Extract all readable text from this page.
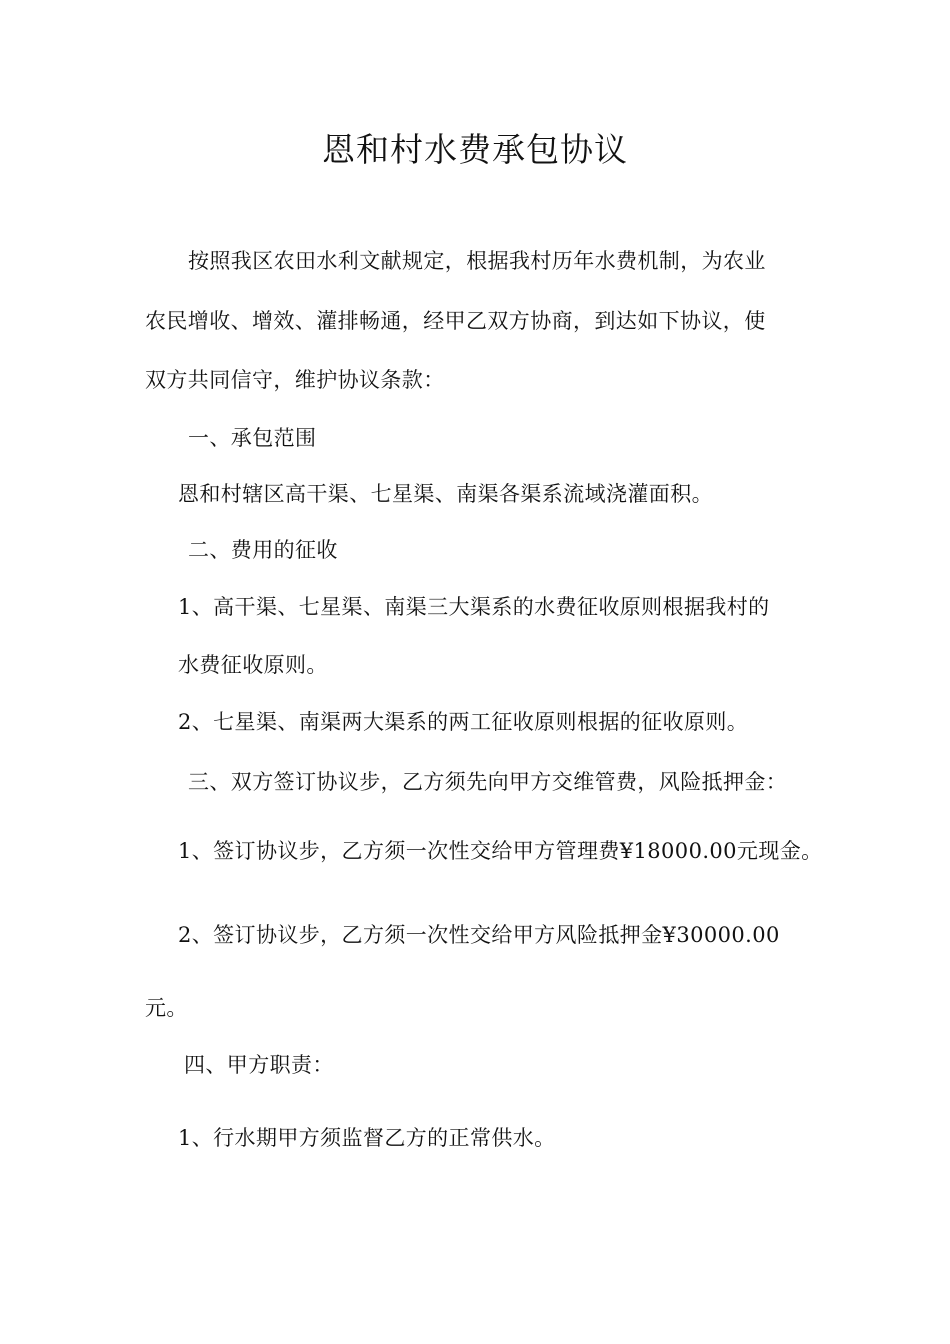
恩和村水费承包协议
按照我区农田水利文献规定，根据我村历年水费机制，为农业
农民增收、增效、灌排畅通，经甲乙双方协商，到达如下协议，使
双方共同信守，维护协议条款：
一、承包范围
恩和村辖区高干渠、七星渠、南渠各渠系流域浇灌面积。
二、费用的征收
1、高干渠、七星渠、南渠三大渠系的水费征收原则根据我村的
水费征收原则。
2、七星渠、南渠两大渠系的两工征收原则根据的征收原则。
三、双方签订协议步，乙方须先向甲方交维管费，风险抵押金：
1、签订协议步，乙方须一次性交给甲方管理费¥18000.00元现金。
2、签订协议步，乙方须一次性交给甲方风险抵押金¥30000.00
元。
四、甲方职责：
1、行水期甲方须监督乙方的正常供水。
